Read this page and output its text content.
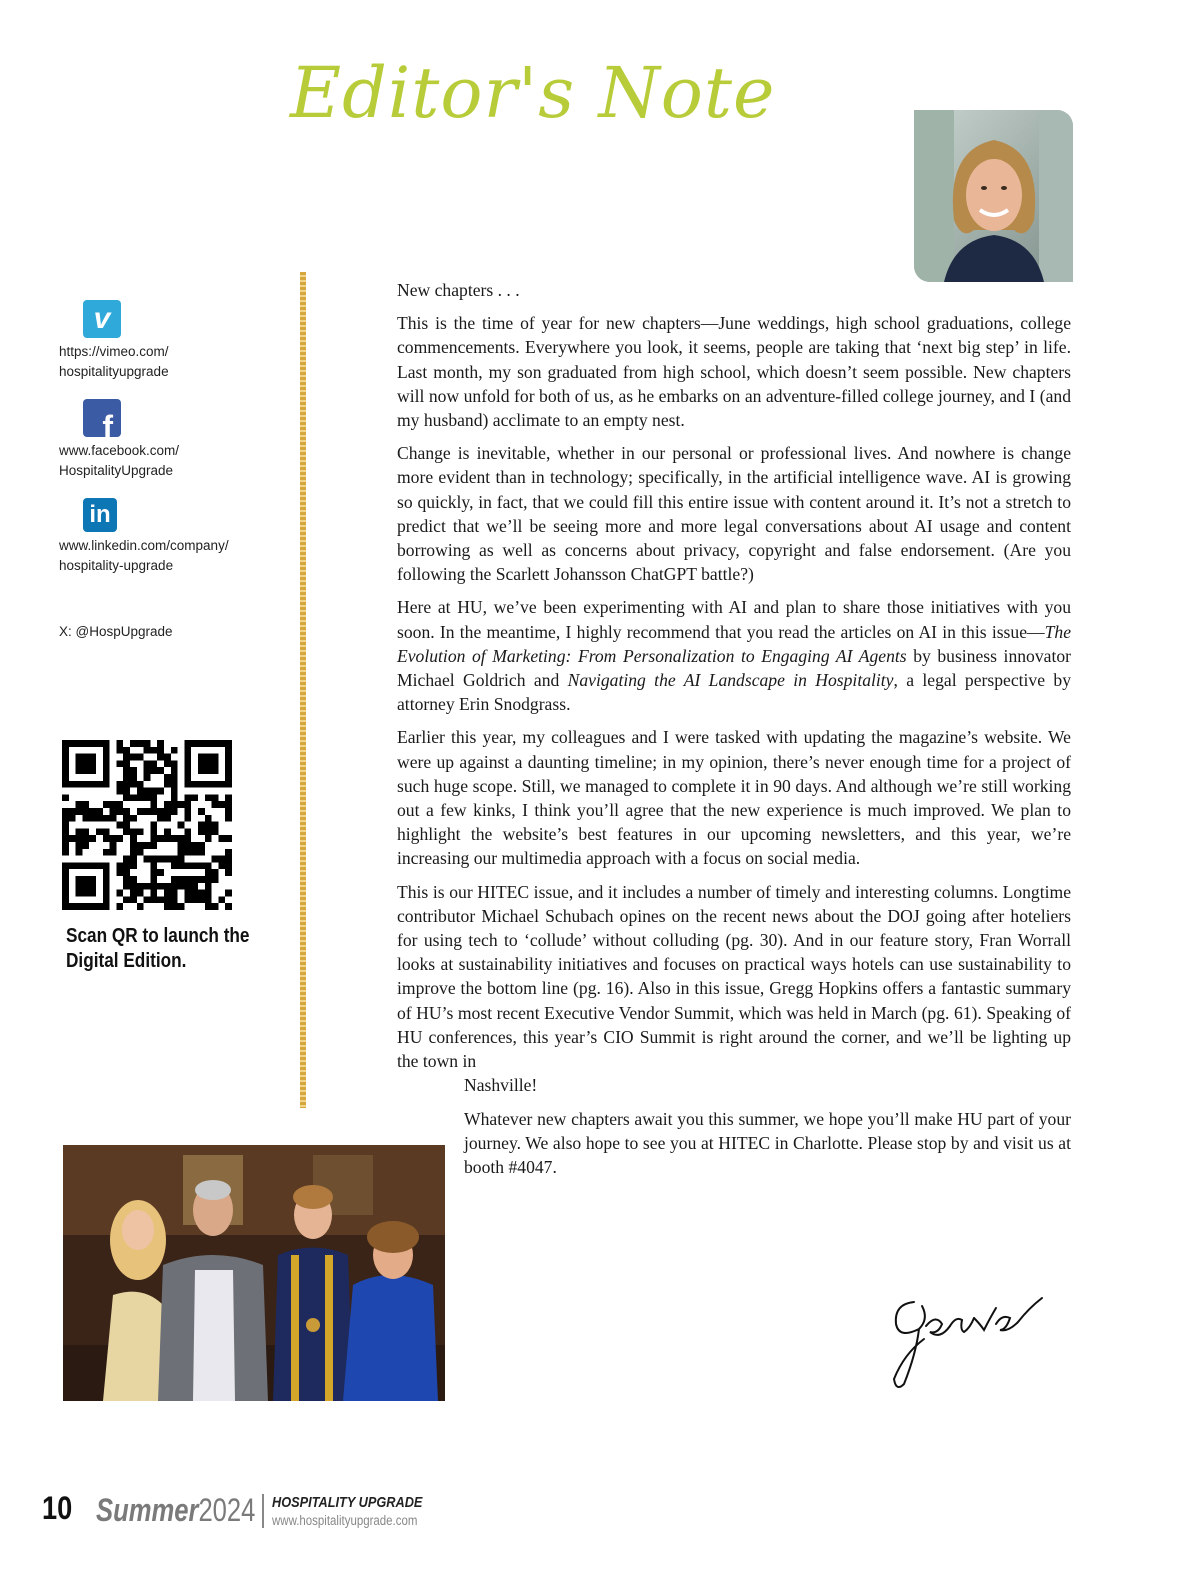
Editor's Note
v
https://vimeo.com/
hospitalityupgrade
f
www.facebook.com/
HospitalityUpgrade
in
www.linkedin.com/company/
hospitality-upgrade
X: @HospUpgrade
Scan QR to launch the
Digital Edition.

New chapters . . .

This is the time of year for new chapters—June weddings, high school graduations, college commencements. Everywhere you look, it seems, people are taking that ‘next big step’ in life. Last month, my son graduated from high school, which doesn’t seem possible. New chapters will now unfold for both of us, as he embarks on an adventure-filled college journey, and I (and my husband) acclimate to an empty nest.

Change is inevitable, whether in our personal or professional lives. And nowhere is change more evident than in technology; specifically, in the artificial intelligence wave. AI is growing so quickly, in fact, that we could fill this entire issue with content around it. It’s not a stretch to predict that we’ll be seeing more and more legal conversations about AI usage and content borrowing as well as concerns about privacy, copyright and false endorsement. (Are you following the Scarlett Johansson ChatGPT battle?)

Here at HU, we’ve been experimenting with AI and plan to share those initiatives with you soon. In the meantime, I highly recommend that you read the articles on AI in this issue—The Evolution of Marketing: From Personalization to Engaging AI Agents by business innovator Michael Goldrich and Navigating the AI Landscape in Hospitality, a legal perspective by attorney Erin Snodgrass.

Earlier this year, my colleagues and I were tasked with updating the magazine’s website. We were up against a daunting timeline; in my opinion, there’s never enough time for a project of such huge scope. Still, we managed to complete it in 90 days. And although we’re still working out a few kinks, I think you’ll agree that the new experience is much improved. We plan to highlight the website’s best features in our upcoming newsletters, and this year, we’re increasing our multimedia approach with a focus on social media.

This is our HITEC issue, and it includes a number of timely and interesting columns. Longtime contributor Michael Schubach opines on the recent news about the DOJ going after hoteliers for using tech to ‘collude’ without colluding (pg. 30). And in our feature story, Fran Worrall looks at sustainability initiatives and focuses on practical ways hotels can use sustainability to improve the bottom line (pg. 16). Also in this issue, Gregg Hopkins offers a fantastic summary of HU’s most recent Executive Vendor Summit, which was held in March (pg. 61). Speaking of HU conferences, this year’s CIO Summit is right around the corner, and we’ll be lighting up the town in

Nashville!

Whatever new chapters await you this summer, we hope you’ll make HU part of your journey. We also hope to see you at HITEC in Charlotte. Please stop by and visit us at booth #4047.

10 Summer2024 HOSPITALITY UPGRADE
www.hospitalityupgrade.com
